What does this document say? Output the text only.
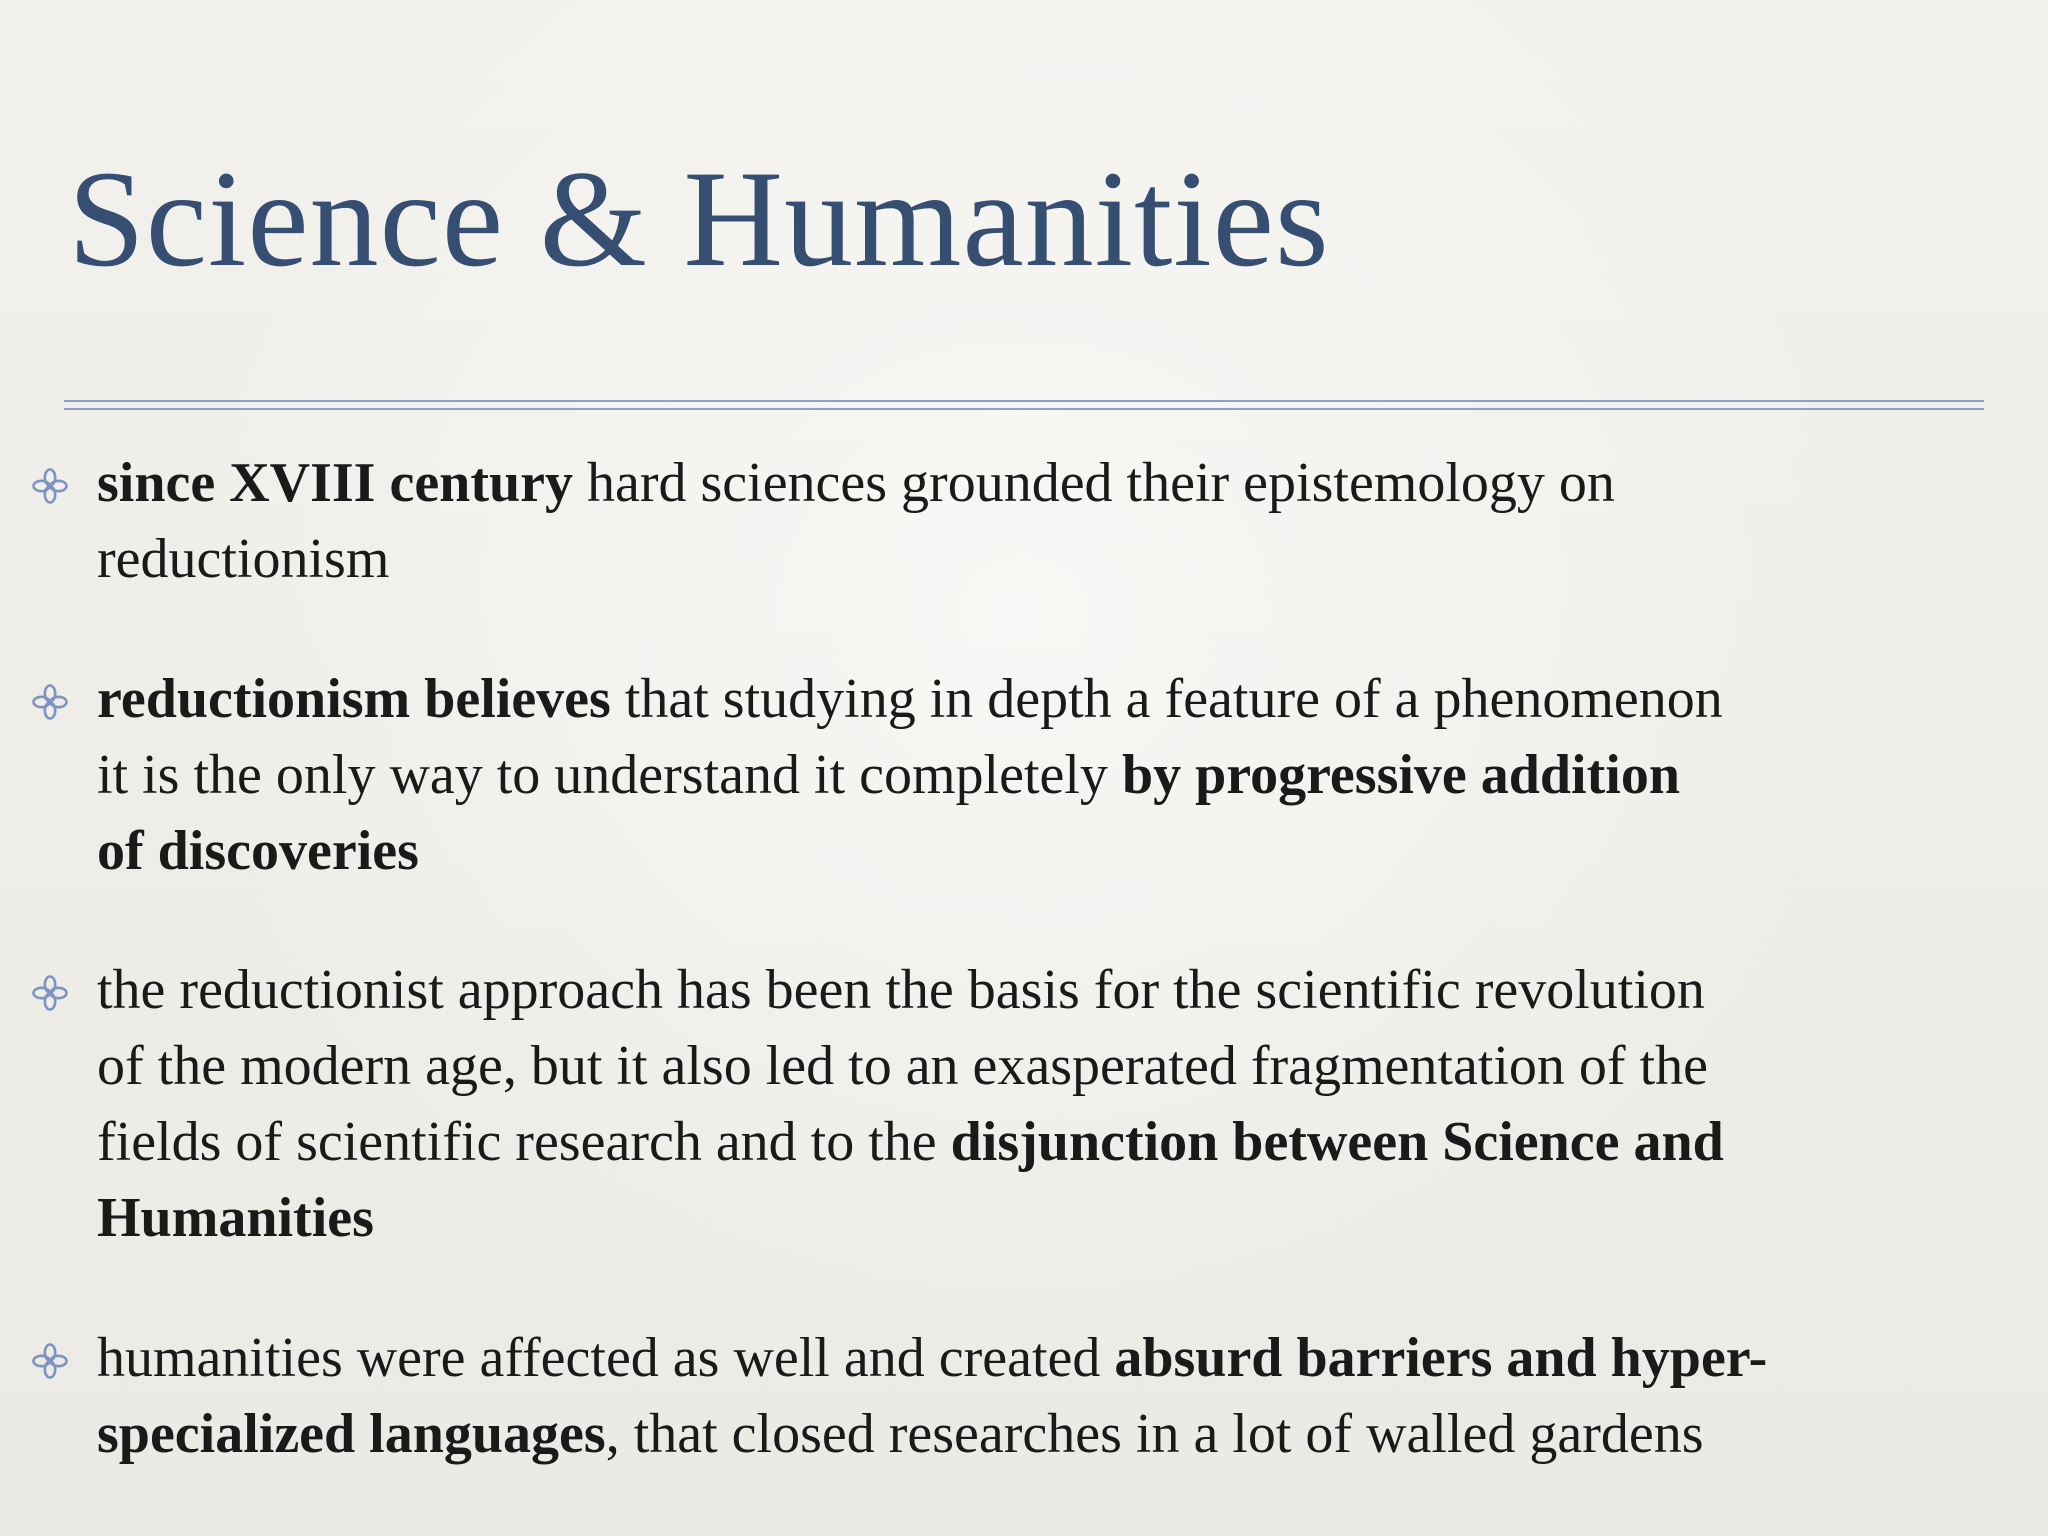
Science & Humanities

since XVIII century hard sciences grounded their epistemology on
reductionism

reductionism believes that studying in depth a feature of a phenomenon
it is the only way to understand it completely by progressive addition
of discoveries

the reductionist approach has been the basis for the scientific revolution
of the modern age, but it also led to an exasperated fragmentation of the
fields of scientific research and to the disjunction between Science and
Humanities

humanities were affected as well and created absurd barriers and hyper-
specialized languages, that closed researches in a lot of walled gardens
